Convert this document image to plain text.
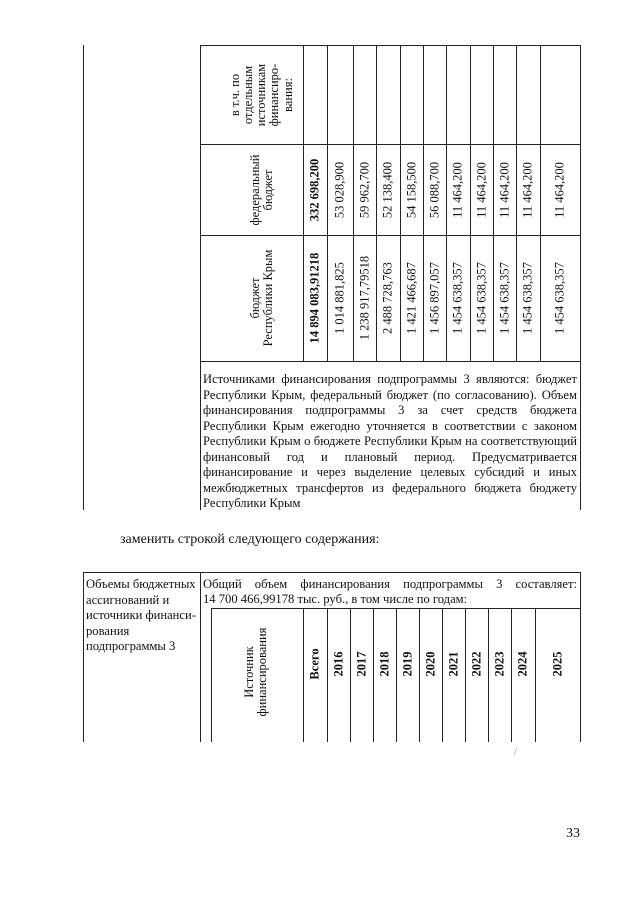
бюджет
Республики Крым
федеральный
бюджет
в т.ч. по
отдельным
источникам
финансиро-
вания:
14 894 083,91218
332 698,200
1 014 881,825
53 028,900
1 238 917,79518
59 962,700
2 488 728,763
52 138,400
1 421 466,687
54 158,500
1 456 897,057
56 088,700
1 454 638,357
11 464,200
1 454 638,357
11 464,200
1 454 638,357
11 464,200
1 454 638,357
11 464,200
1 454 638,357
11 464,200

Источниками финансирования подпрограммы 3 являются: бюджет Республики Крым, федеральный бюджет (по согласованию). Объем финансирования подпрограммы 3 за счет средств бюджета Республики Крым ежегодно уточняется в соответствии с законом Республики Крым о бюджете Республики Крым на соответствующий финансовый год и плановый период. Предусматривается финансирование и через выделение целевых субсидий и иных межбюджетных трансфертов из федерального бюджета бюджету Республики Крым

заменить строкой следующего содержания:
Объемы бюджетных ассигнований и источники финанси-рования подпрограммы 3
Общий объем финансирования подпрограммы 3 составляет:
14 700 466,99178 тыс. руб., в том числе по годам:
Всего 2016 2017 2018 2019 2020 2021 2022 2023 2024 2025
Источник
финансирования
/
33
